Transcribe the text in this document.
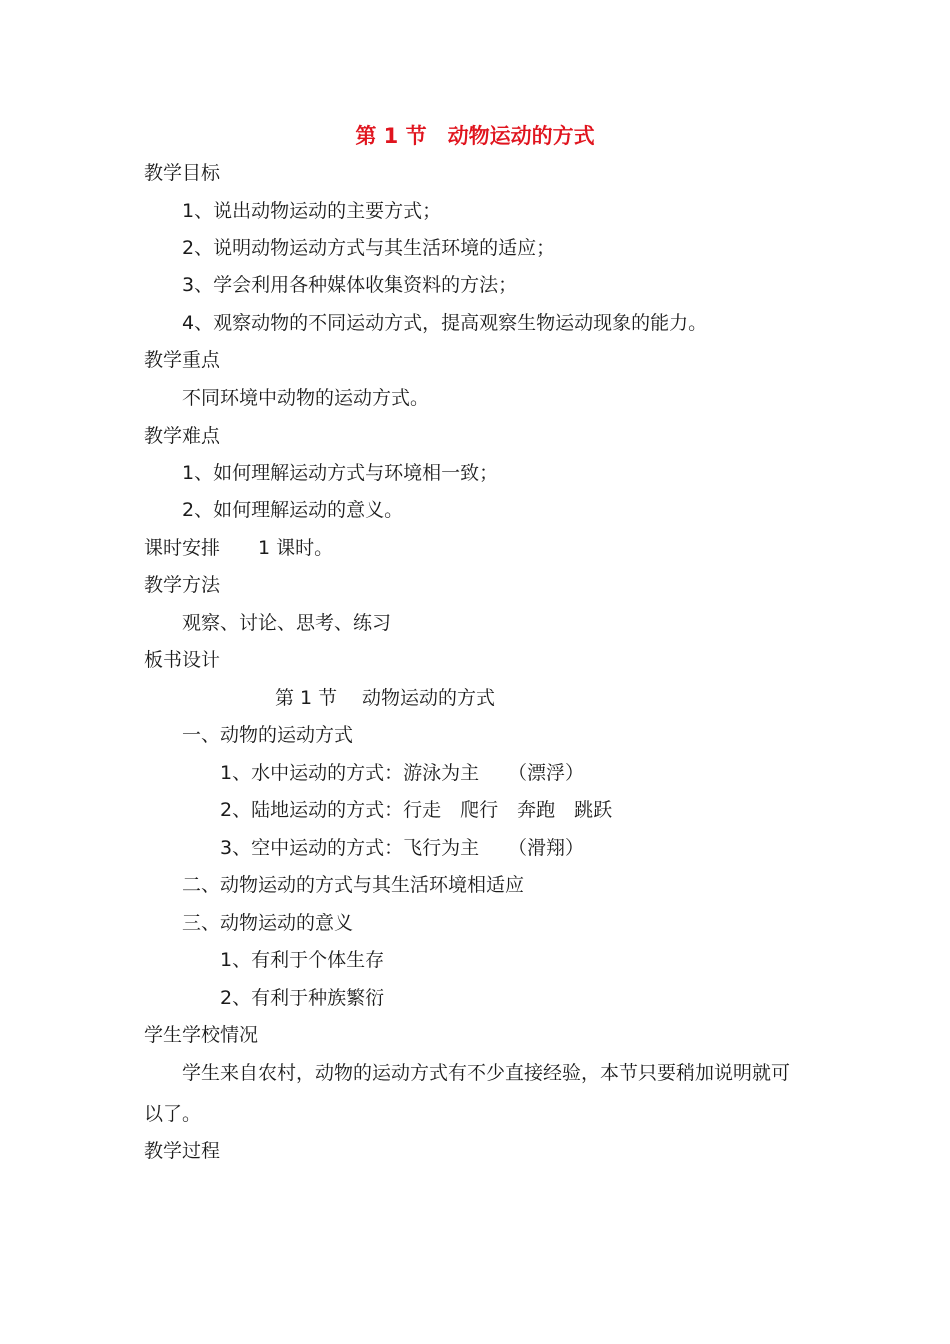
第 1 节　动物运动的方式
教学目标
1、说出动物运动的主要方式；
2、说明动物运动方式与其生活环境的适应；
3、学会利用各种媒体收集资料的方法；
4、观察动物的不同运动方式，提高观察生物运动现象的能力。
教学重点
不同环境中动物的运动方式。
教学难点
1、如何理解运动方式与环境相一致；
2、如何理解运动的意义。
课时安排 1 课时。
教学方法
观察、讨论、思考、练习
板书设计
第 1 节 动物运动的方式
一、动物的运动方式
1、水中运动的方式：游泳为主 （漂浮）
2、陆地运动的方式：行走　爬行　奔跑　跳跃
3、空中运动的方式：飞行为主 （滑翔）
二、动物运动的方式与其生活环境相适应
三、动物运动的意义
1、有利于个体生存
2、有利于种族繁衍
学生学校情况
学生来自农村，动物的运动方式有不少直接经验，本节只要稍加说明就可
以了。
教学过程
